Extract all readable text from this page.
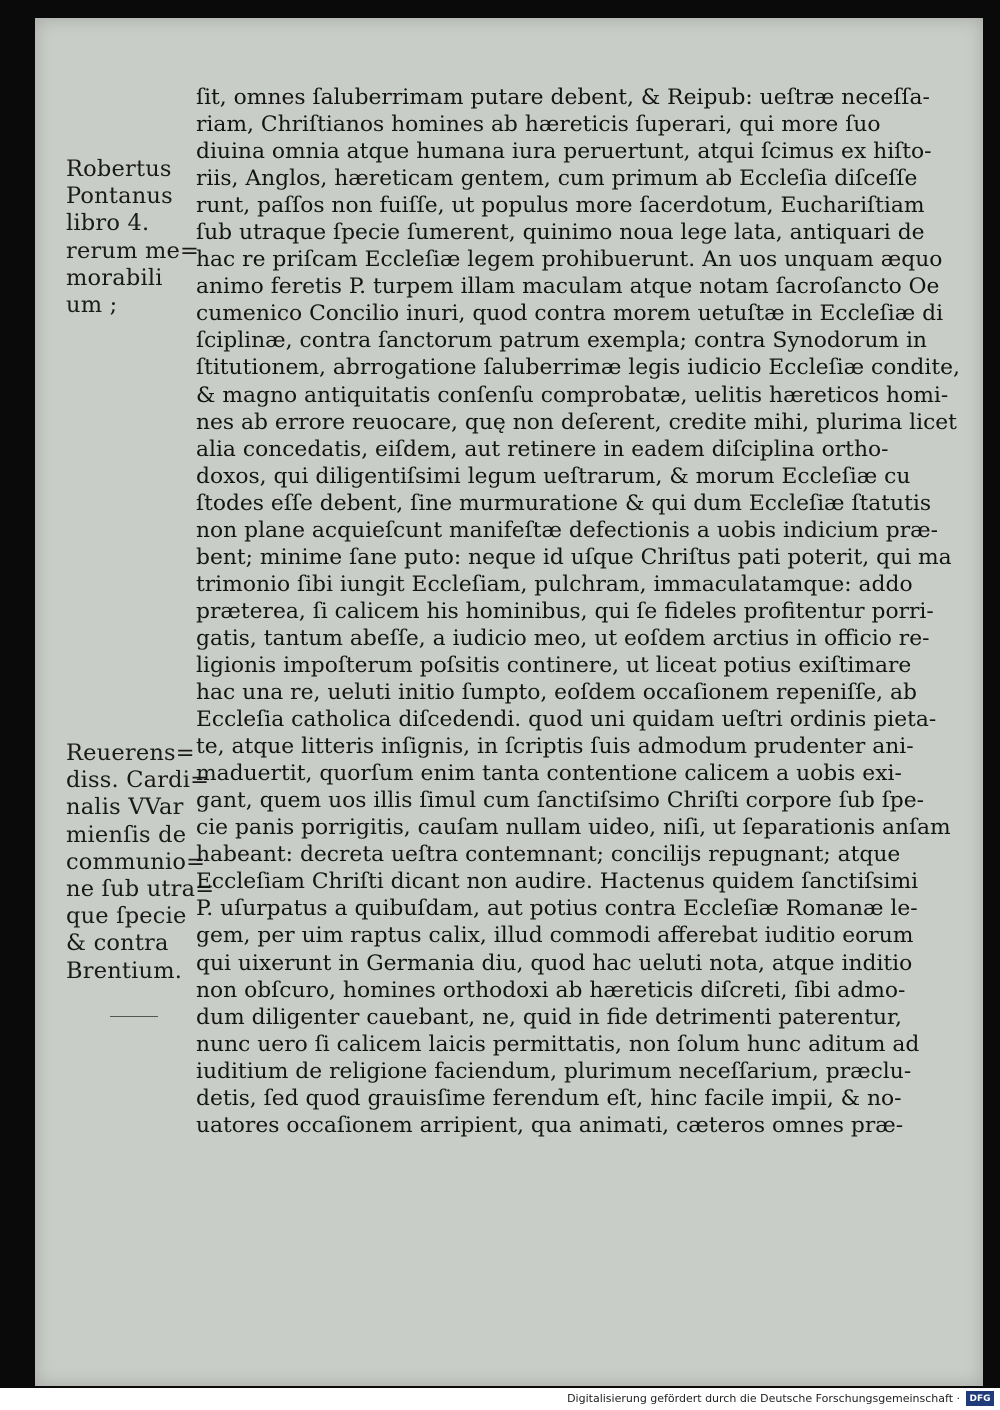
Robertus
Pontanus
libro 4.
rerum me=
morabili
um ;
Reuerens=
diss. Cardi=
nalis VVar
mienſis de
communio=
ne ſub utra=
que ſpecie
& contra
Brentium.
ſit, omnes ſaluberrimam putare debent, & Reipub: ueſtræ neceſſa-
riam, Chriſtianos homines ab hæreticis ſuperari, qui more ſuo
diuina omnia atque humana iura peruertunt, atqui ſcimus ex hiſto-
riis, Anglos, hæreticam gentem, cum primum ab Eccleſia diſceſſe
runt, paſſos non fuiſſe, ut populus more ſacerdotum, Euchariſtiam
ſub utraque ſpecie ſumerent, quinimo noua lege lata, antiquari de
hac re priſcam Eccleſiæ legem prohibuerunt. An uos unquam æquo
animo feretis P. turpem illam maculam atque notam ſacroſancto Oe
cumenico Concilio inuri, quod contra morem uetuſtæ in Eccleſiæ di
ſciplinæ, contra ſanctorum patrum exempla; contra Synodorum in
ſtitutionem, abrrogatione ſaluberrimæ legis iudicio Eccleſiæ condite,
& magno antiquitatis conſenſu comprobatæ, uelitis hæreticos homi-
nes ab errore reuocare, quę non deſerent, credite mihi, plurima licet
alia concedatis, eiſdem, aut retinere in eadem diſciplina ortho-
doxos, qui diligentiſsimi legum ueſtrarum, & morum Eccleſiæ cu
ſtodes eſſe debent, ſine murmuratione & qui dum Eccleſiæ ſtatutis
non plane acquieſcunt manifeſtæ defectionis a uobis indicium præ-
bent; minime ſane puto: neque id uſque Chriſtus pati poterit, qui ma
trimonio ſibi iungit Eccleſiam, pulchram, immaculatamque: addo
præterea, ſi calicem his hominibus, qui ſe fideles profitentur porri-
gatis, tantum abeſſe, a iudicio meo, ut eoſdem arctius in officio re-
ligionis impoſterum poſsitis continere, ut liceat potius exiſtimare
hac una re, ueluti initio ſumpto, eoſdem occaſionem repeniſſe, ab
Eccleſia catholica diſcedendi. quod uni quidam ueſtri ordinis pieta-
te, atque litteris inſignis, in ſcriptis ſuis admodum prudenter ani-
maduertit, quorſum enim tanta contentione calicem a uobis exi-
gant, quem uos illis ſimul cum ſanctiſsimo Chriſti corpore ſub ſpe-
cie panis porrigitis, cauſam nullam uideo, niſi, ut ſeparationis anſam
habeant: decreta ueſtra contemnant; concilijs repugnant; atque
Eccleſiam Chriſti dicant non audire. Hactenus quidem ſanctiſsimi
P. uſurpatus a quibuſdam, aut potius contra Eccleſiæ Romanæ le-
gem, per uim raptus calix, illud commodi afferebat iuditio eorum
qui uixerunt in Germania diu, quod hac ueluti nota, atque inditio
non obſcuro, homines orthodoxi ab hæreticis diſcreti, ſibi admo-
dum diligenter cauebant, ne, quid in fide detrimenti paterentur,
nunc uero ſi calicem laicis permittatis, non ſolum hunc aditum ad
iuditium de religione faciendum, plurimum neceſſarium, præclu-
detis, ſed quod grauisſime ferendum eſt, hinc facile impii, & no-
uatores occaſionem arripient, qua animati, cæteros omnes præ-
Digitalisierung gefördert durch die Deutsche Forschungsgemeinschaft ·	DFG
